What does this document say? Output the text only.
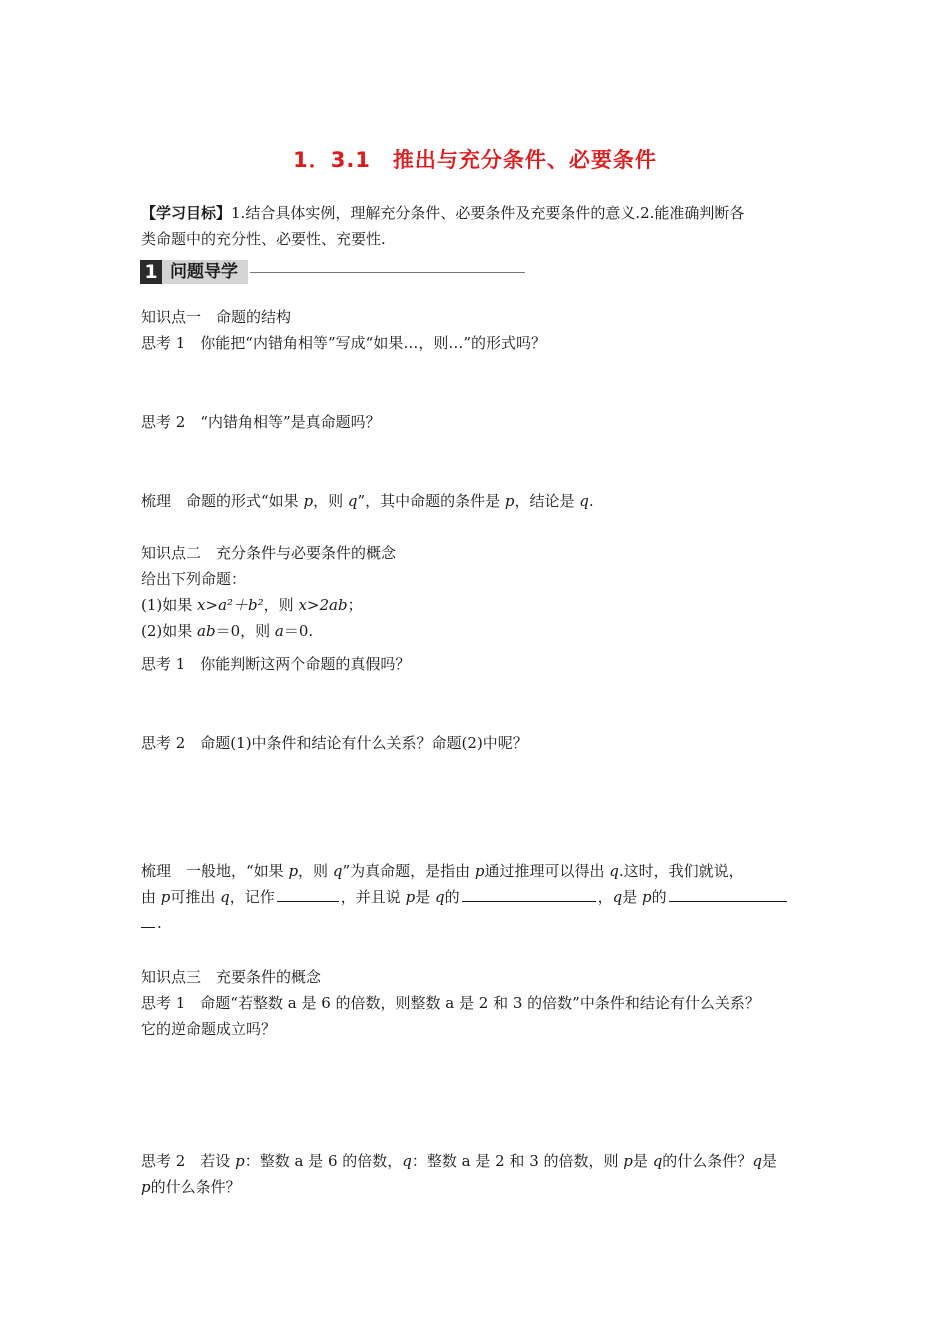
1．3.1　推出与充分条件、必要条件
【学习目标】1.结合具体实例，理解充分条件、必要条件及充要条件的意义.2.能准确判断各
类命题中的充分性、必要性、充要性.
1 问题导学
知识点一　命题的结构
思考 1　你能把“内错角相等”写成“如果…，则…”的形式吗？
思考 2　“内错角相等”是真命题吗？
梳理　命题的形式“如果 p，则 q”，其中命题的条件是 p，结论是 q.
知识点二　充分条件与必要条件的概念
给出下列命题：
(1)如果 x>a²＋b²，则 x>2ab；
(2)如果 ab＝0，则 a＝0.
思考 1　你能判断这两个命题的真假吗？
思考 2　命题(1)中条件和结论有什么关系？命题(2)中呢？
梳理　一般地，“如果 p，则 q”为真命题，是指由 p通过推理可以得出 q.这时，我们就说，
由 p可推出 q，记作	，并且说 p是 q的	，q是 p的
.
知识点三　充要条件的概念
思考 1　命题“若整数 a 是 6 的倍数，则整数 a 是 2 和 3 的倍数”中条件和结论有什么关系？
它的逆命题成立吗？
思考 2　若设 p：整数 a 是 6 的倍数，q：整数 a 是 2 和 3 的倍数，则 p是 q的什么条件？q是
p的什么条件？
